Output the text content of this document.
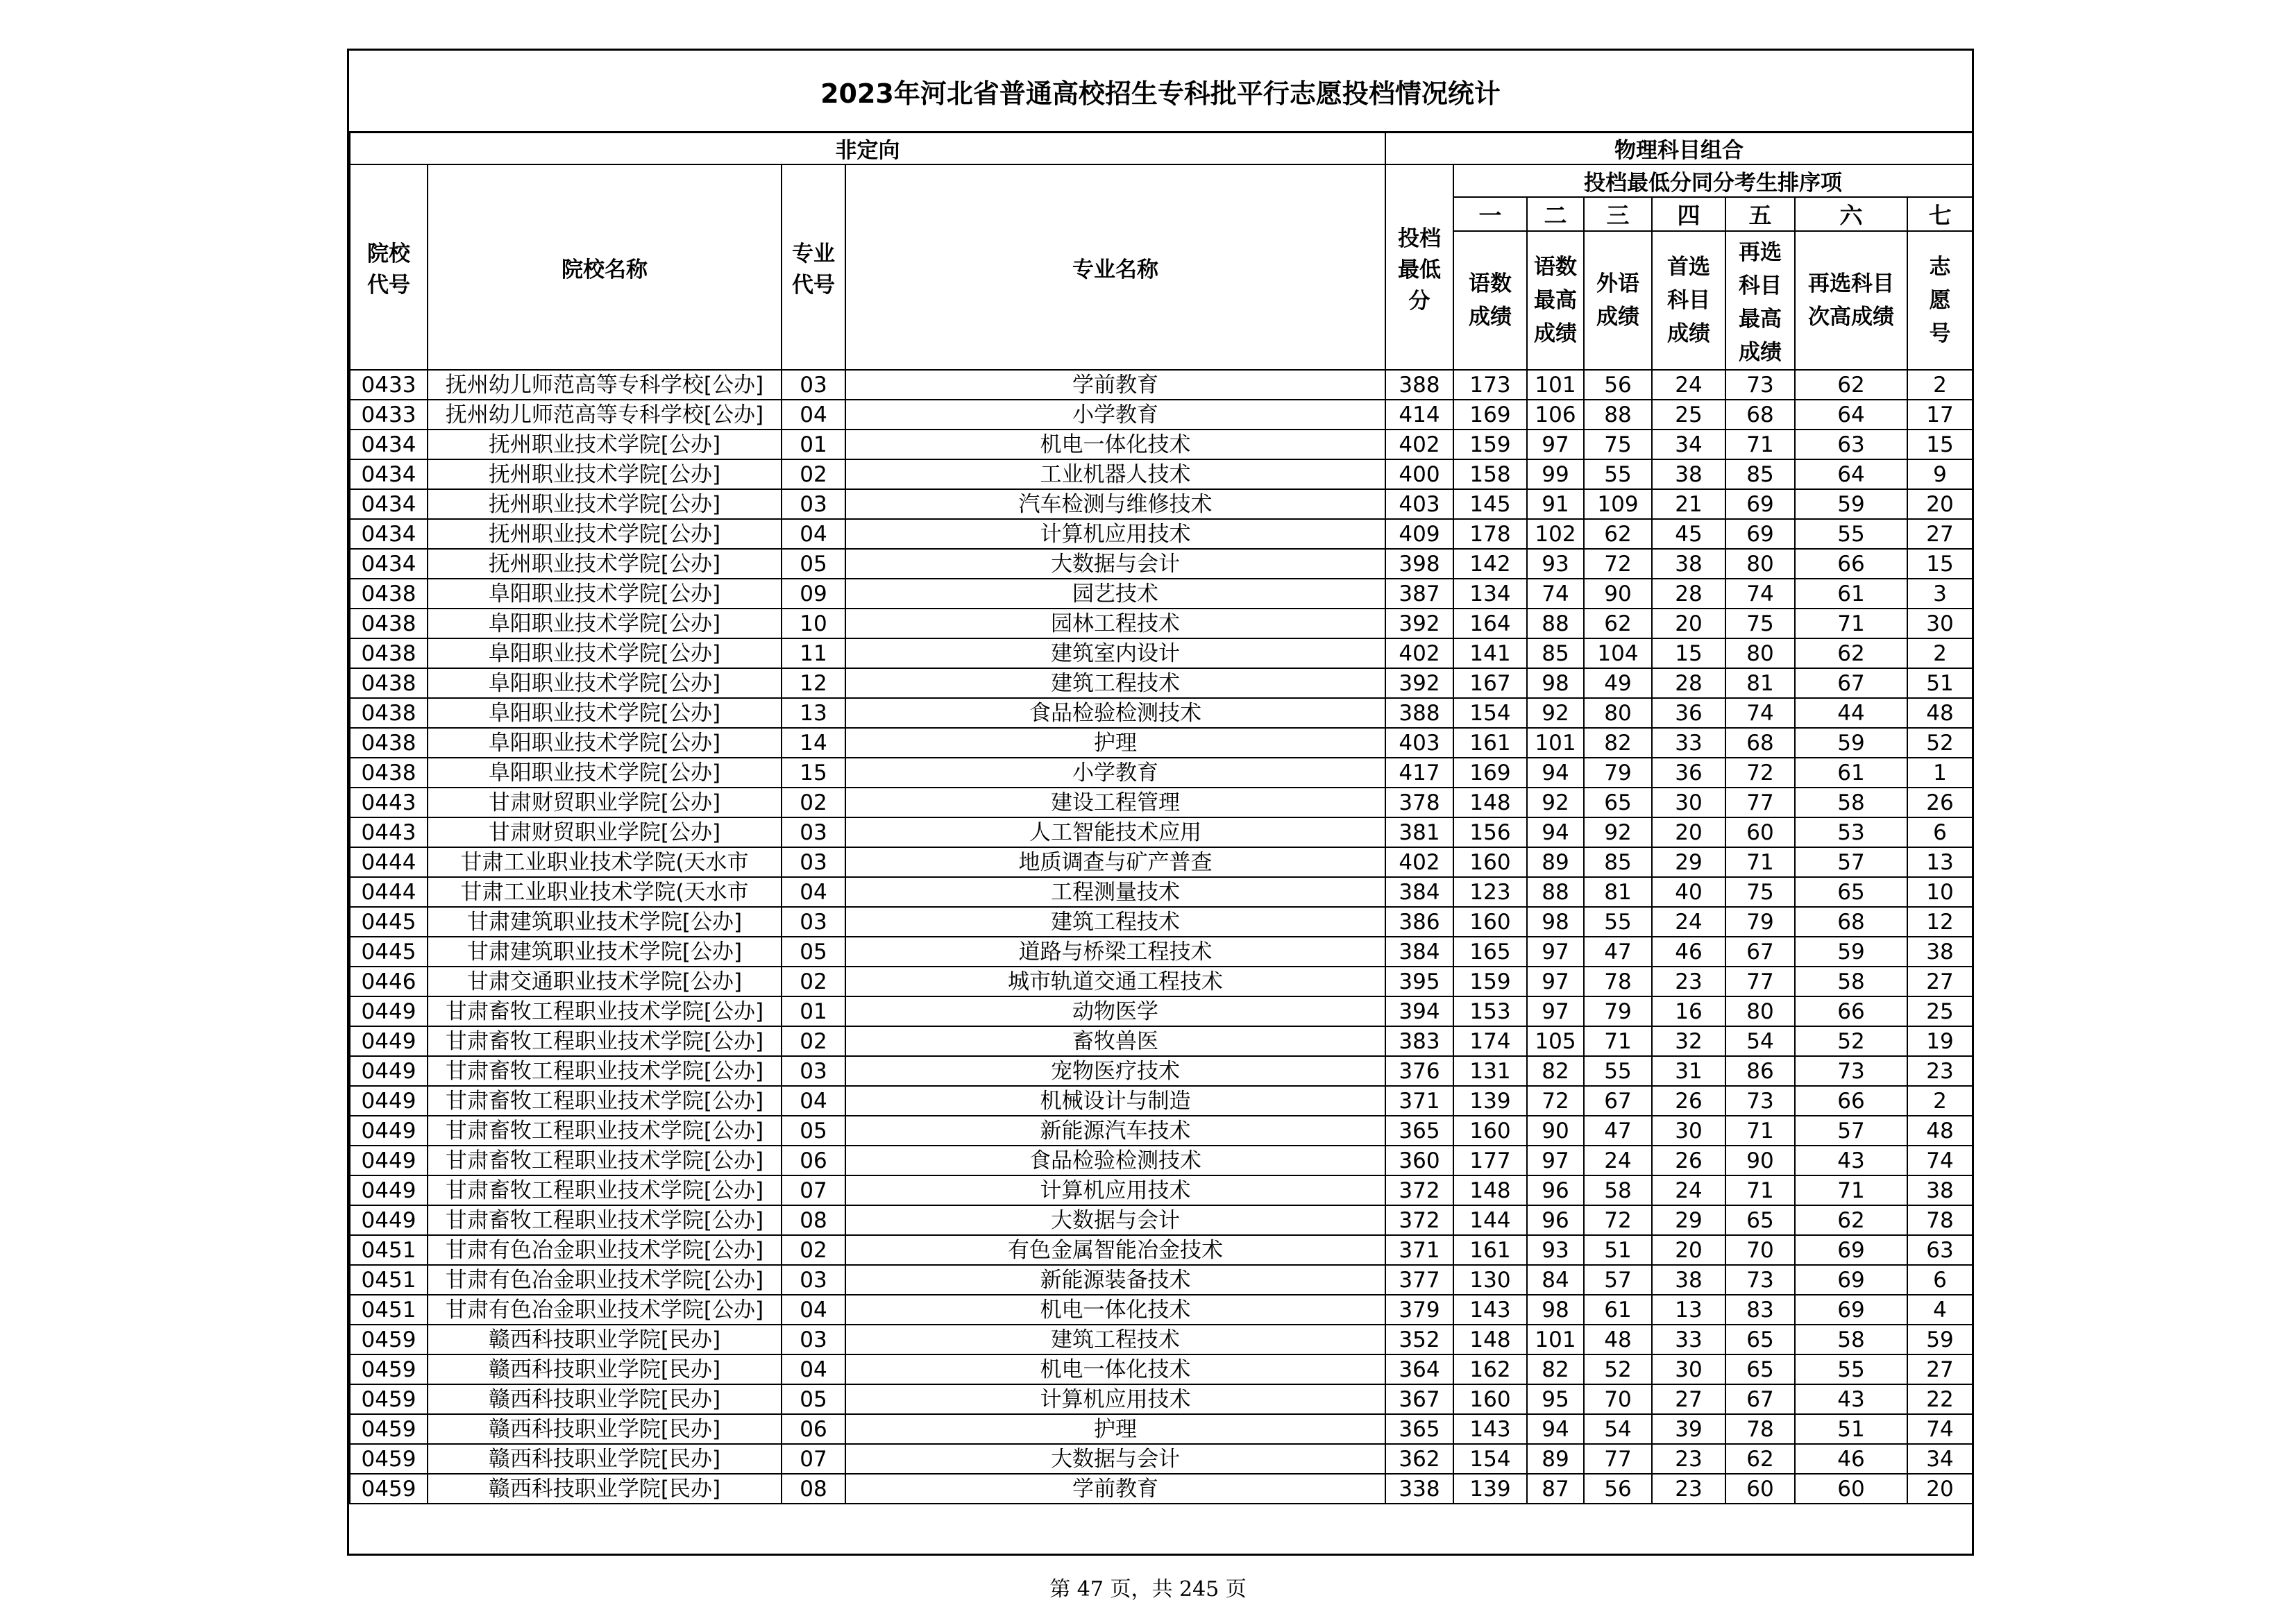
2023年河北省普通高校招生专科批平行志愿投档情况统计
非定向				物理科目组合							
院校代号	院校名称	专业代号	专业名称	投档最低分	投档最低分同分考生排序项						
					一	二	三	四	五	六	七
					语数成绩	语数最高成绩	外语成绩	首选科目成绩	再选科目最高成绩	再选科目次高成绩	志愿号
0433	抚州幼儿师范高等专科学校[公办]	03	学前教育	388	173	101	56	24	73	62	2
0433	抚州幼儿师范高等专科学校[公办]	04	小学教育	414	169	106	88	25	68	64	17
0434	抚州职业技术学院[公办]	01	机电一体化技术	402	159	97	75	34	71	63	15
0434	抚州职业技术学院[公办]	02	工业机器人技术	400	158	99	55	38	85	64	9
0434	抚州职业技术学院[公办]	03	汽车检测与维修技术	403	145	91	109	21	69	59	20
0434	抚州职业技术学院[公办]	04	计算机应用技术	409	178	102	62	45	69	55	27
0434	抚州职业技术学院[公办]	05	大数据与会计	398	142	93	72	38	80	66	15
0438	阜阳职业技术学院[公办]	09	园艺技术	387	134	74	90	28	74	61	3
0438	阜阳职业技术学院[公办]	10	园林工程技术	392	164	88	62	20	75	71	30
0438	阜阳职业技术学院[公办]	11	建筑室内设计	402	141	85	104	15	80	62	2
0438	阜阳职业技术学院[公办]	12	建筑工程技术	392	167	98	49	28	81	67	51
0438	阜阳职业技术学院[公办]	13	食品检验检测技术	388	154	92	80	36	74	44	48
0438	阜阳职业技术学院[公办]	14	护理	403	161	101	82	33	68	59	52
0438	阜阳职业技术学院[公办]	15	小学教育	417	169	94	79	36	72	61	1
0443	甘肃财贸职业学院[公办]	02	建设工程管理	378	148	92	65	30	77	58	26
0443	甘肃财贸职业学院[公办]	03	人工智能技术应用	381	156	94	92	20	60	53	6
0444	甘肃工业职业技术学院(天水市	03	地质调查与矿产普查	402	160	89	85	29	71	57	13
0444	甘肃工业职业技术学院(天水市	04	工程测量技术	384	123	88	81	40	75	65	10
0445	甘肃建筑职业技术学院[公办]	03	建筑工程技术	386	160	98	55	24	79	68	12
0445	甘肃建筑职业技术学院[公办]	05	道路与桥梁工程技术	384	165	97	47	46	67	59	38
0446	甘肃交通职业技术学院[公办]	02	城市轨道交通工程技术	395	159	97	78	23	77	58	27
0449	甘肃畜牧工程职业技术学院[公办]	01	动物医学	394	153	97	79	16	80	66	25
0449	甘肃畜牧工程职业技术学院[公办]	02	畜牧兽医	383	174	105	71	32	54	52	19
0449	甘肃畜牧工程职业技术学院[公办]	03	宠物医疗技术	376	131	82	55	31	86	73	23
0449	甘肃畜牧工程职业技术学院[公办]	04	机械设计与制造	371	139	72	67	26	73	66	2
0449	甘肃畜牧工程职业技术学院[公办]	05	新能源汽车技术	365	160	90	47	30	71	57	48
0449	甘肃畜牧工程职业技术学院[公办]	06	食品检验检测技术	360	177	97	24	26	90	43	74
0449	甘肃畜牧工程职业技术学院[公办]	07	计算机应用技术	372	148	96	58	24	71	71	38
0449	甘肃畜牧工程职业技术学院[公办]	08	大数据与会计	372	144	96	72	29	65	62	78
0451	甘肃有色冶金职业技术学院[公办]	02	有色金属智能冶金技术	371	161	93	51	20	70	69	63
0451	甘肃有色冶金职业技术学院[公办]	03	新能源装备技术	377	130	84	57	38	73	69	6
0451	甘肃有色冶金职业技术学院[公办]	04	机电一体化技术	379	143	98	61	13	83	69	4
0459	赣西科技职业学院[民办]	03	建筑工程技术	352	148	101	48	33	65	58	59
0459	赣西科技职业学院[民办]	04	机电一体化技术	364	162	82	52	30	65	55	27
0459	赣西科技职业学院[民办]	05	计算机应用技术	367	160	95	70	27	67	43	22
0459	赣西科技职业学院[民办]	06	护理	365	143	94	54	39	78	51	74
0459	赣西科技职业学院[民办]	07	大数据与会计	362	154	89	77	23	62	46	34
0459	赣西科技职业学院[民办]	08	学前教育	338	139	87	56	23	60	60	20
第 47 页，共 245 页
